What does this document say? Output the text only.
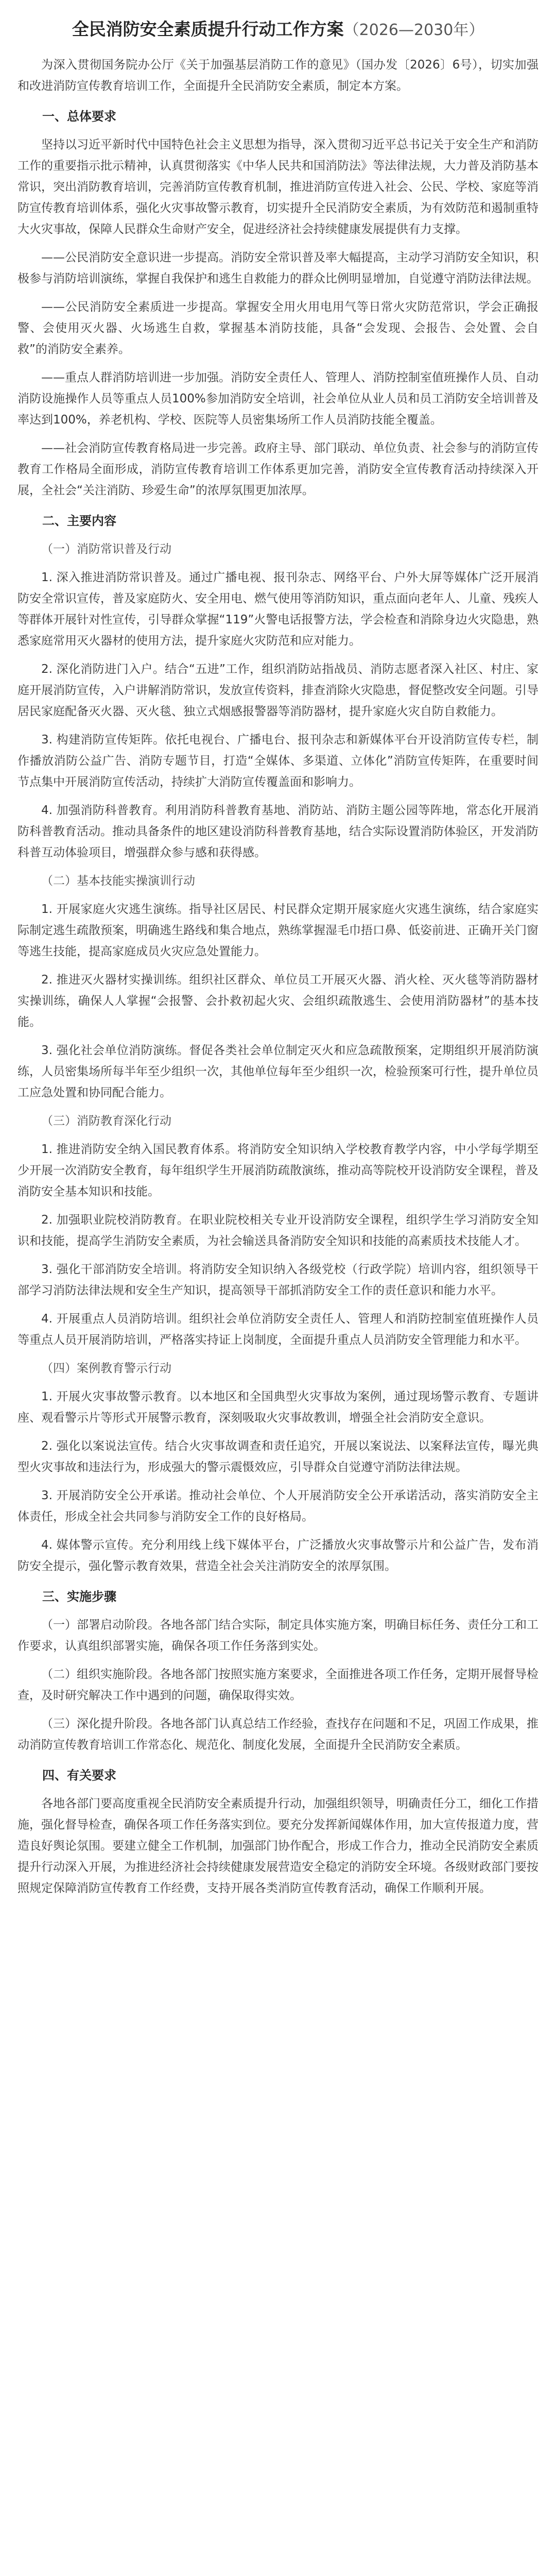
全民消防安全素质提升行动工作方案（2026—2030年）

为深入贯彻国务院办公厅《关于加强基层消防工作的意见》（国办发〔2026〕6号），切实加强和改进消防宣传教育培训工作，全面提升全民消防安全素质，制定本方案。

一、总体要求

坚持以习近平新时代中国特色社会主义思想为指导，深入贯彻习近平总书记关于安全生产和消防工作的重要指示批示精神，认真贯彻落实《中华人民共和国消防法》等法律法规，大力普及消防基本常识，突出消防教育培训，完善消防宣传教育机制，推进消防宣传进入社会、公民、学校、家庭等消防宣传教育培训体系，强化火灾事故警示教育，切实提升全民消防安全素质，为有效防范和遏制重特大火灾事故，保障人民群众生命财产安全，促进经济社会持续健康发展提供有力支撑。

——公民消防安全意识进一步提高。消防安全常识普及率大幅提高，主动学习消防安全知识，积极参与消防培训演练，掌握自我保护和逃生自救能力的群众比例明显增加，自觉遵守消防法律法规。

——公民消防安全素质进一步提高。掌握安全用火用电用气等日常火灾防范常识，学会正确报警、会使用灭火器、火场逃生自救，掌握基本消防技能，具备“会发现、会报告、会处置、会自救”的消防安全素养。

——重点人群消防培训进一步加强。消防安全责任人、管理人、消防控制室值班操作人员、自动消防设施操作人员等重点人员100%参加消防安全培训，社会单位从业人员和员工消防安全培训普及率达到100%，养老机构、学校、医院等人员密集场所工作人员消防技能全覆盖。

——社会消防宣传教育格局进一步完善。政府主导、部门联动、单位负责、社会参与的消防宣传教育工作格局全面形成，消防宣传教育培训工作体系更加完善，消防安全宣传教育活动持续深入开展，全社会“关注消防、珍爱生命”的浓厚氛围更加浓厚。

二、主要内容
（一）消防常识普及行动

1. 深入推进消防常识普及。通过广播电视、报刊杂志、网络平台、户外大屏等媒体广泛开展消防安全常识宣传，普及家庭防火、安全用电、燃气使用等消防知识，重点面向老年人、儿童、残疾人等群体开展针对性宣传，引导群众掌握“119”火警电话报警方法，学会检查和消除身边火灾隐患，熟悉家庭常用灭火器材的使用方法，提升家庭火灾防范和应对能力。

2. 深化消防进门入户。结合“五进”工作，组织消防站指战员、消防志愿者深入社区、村庄、家庭开展消防宣传，入户讲解消防常识，发放宣传资料，排查消除火灾隐患，督促整改安全问题。引导居民家庭配备灭火器、灭火毯、独立式烟感报警器等消防器材，提升家庭火灾自防自救能力。

3. 构建消防宣传矩阵。依托电视台、广播电台、报刊杂志和新媒体平台开设消防宣传专栏，制作播放消防公益广告、消防专题节目，打造“全媒体、多渠道、立体化”消防宣传矩阵，在重要时间节点集中开展消防宣传活动，持续扩大消防宣传覆盖面和影响力。

4. 加强消防科普教育。利用消防科普教育基地、消防站、消防主题公园等阵地，常态化开展消防科普教育活动。推动具备条件的地区建设消防科普教育基地，结合实际设置消防体验区，开发消防科普互动体验项目，增强群众参与感和获得感。

（二）基本技能实操演训行动

1. 开展家庭火灾逃生演练。指导社区居民、村民群众定期开展家庭火灾逃生演练，结合家庭实际制定逃生疏散预案，明确逃生路线和集合地点，熟练掌握湿毛巾捂口鼻、低姿前进、正确开关门窗等逃生技能，提高家庭成员火灾应急处置能力。

2. 推进灭火器材实操训练。组织社区群众、单位员工开展灭火器、消火栓、灭火毯等消防器材实操训练，确保人人掌握“会报警、会扑救初起火灾、会组织疏散逃生、会使用消防器材”的基本技能。

3. 强化社会单位消防演练。督促各类社会单位制定灭火和应急疏散预案，定期组织开展消防演练，人员密集场所每半年至少组织一次，其他单位每年至少组织一次，检验预案可行性，提升单位员工应急处置和协同配合能力。

（三）消防教育深化行动

1. 推进消防安全纳入国民教育体系。将消防安全知识纳入学校教育教学内容，中小学每学期至少开展一次消防安全教育，每年组织学生开展消防疏散演练，推动高等院校开设消防安全课程，普及消防安全基本知识和技能。

2. 加强职业院校消防教育。在职业院校相关专业开设消防安全课程，组织学生学习消防安全知识和技能，提高学生消防安全素质，为社会输送具备消防安全知识和技能的高素质技术技能人才。

3. 强化干部消防安全培训。将消防安全知识纳入各级党校（行政学院）培训内容，组织领导干部学习消防法律法规和安全生产知识，提高领导干部抓消防安全工作的责任意识和能力水平。

4. 开展重点人员消防培训。组织社会单位消防安全责任人、管理人和消防控制室值班操作人员等重点人员开展消防培训，严格落实持证上岗制度，全面提升重点人员消防安全管理能力和水平。

（四）案例教育警示行动

1. 开展火灾事故警示教育。以本地区和全国典型火灾事故为案例，通过现场警示教育、专题讲座、观看警示片等形式开展警示教育，深刻吸取火灾事故教训，增强全社会消防安全意识。

2. 强化以案说法宣传。结合火灾事故调查和责任追究，开展以案说法、以案释法宣传，曝光典型火灾事故和违法行为，形成强大的警示震慑效应，引导群众自觉遵守消防法律法规。

3. 开展消防安全公开承诺。推动社会单位、个人开展消防安全公开承诺活动，落实消防安全主体责任，形成全社会共同参与消防安全工作的良好格局。

4. 媒体警示宣传。充分利用线上线下媒体平台，广泛播放火灾事故警示片和公益广告，发布消防安全提示，强化警示教育效果，营造全社会关注消防安全的浓厚氛围。

三、实施步骤

（一）部署启动阶段。各地各部门结合实际，制定具体实施方案，明确目标任务、责任分工和工作要求，认真组织部署实施，确保各项工作任务落到实处。

（二）组织实施阶段。各地各部门按照实施方案要求，全面推进各项工作任务，定期开展督导检查，及时研究解决工作中遇到的问题，确保取得实效。

（三）深化提升阶段。各地各部门认真总结工作经验，查找存在问题和不足，巩固工作成果，推动消防宣传教育培训工作常态化、规范化、制度化发展，全面提升全民消防安全素质。

四、有关要求

各地各部门要高度重视全民消防安全素质提升行动，加强组织领导，明确责任分工，细化工作措施，强化督导检查，确保各项工作任务落实到位。要充分发挥新闻媒体作用，加大宣传报道力度，营造良好舆论氛围。要建立健全工作机制，加强部门协作配合，形成工作合力，推动全民消防安全素质提升行动深入开展，为推进经济社会持续健康发展营造安全稳定的消防安全环境。各级财政部门要按照规定保障消防宣传教育工作经费，支持开展各类消防宣传教育活动，确保工作顺利开展。
